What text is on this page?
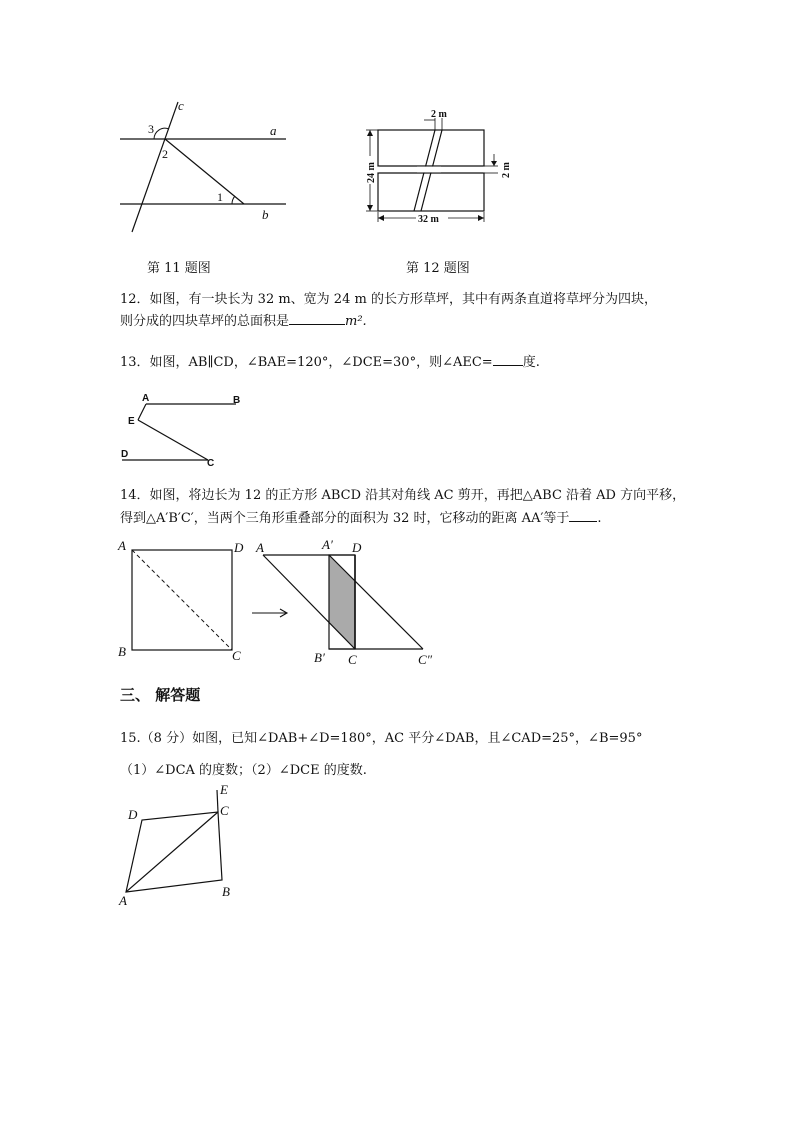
c
a
b
3
2
1
第 11 题图
2 m
2 m
24 m
32 m
第 12 题图
12．如图，有一块长为 32 m、宽为 24 m 的长方形草坪，其中有两条直道将草坪分为四块，
则分成的四块草坪的总面积是	m².
13．如图，AB∥CD，∠BAE=120°，∠DCE=30°，则∠AEC= 度.
A	B
E
D
C
14．如图，将边长为 12 的正方形 ABCD 沿其对角线 AC 剪开，再把△ABC 沿着 AD 方向平移，
得到△A′B′C′，当两个三角形重叠部分的面积为 32 时，它移动的距离 AA′等于 .
A	D
B	C
A	A′ D
B′ C	C″
三、 解答题
15.（8 分）如图，已知∠DAB+∠D=180°，AC 平分∠DAB，且∠CAD=25°，∠B=95°
（1）∠DCA 的度数；（2）∠DCE 的度数.
E
C
D
A
B
